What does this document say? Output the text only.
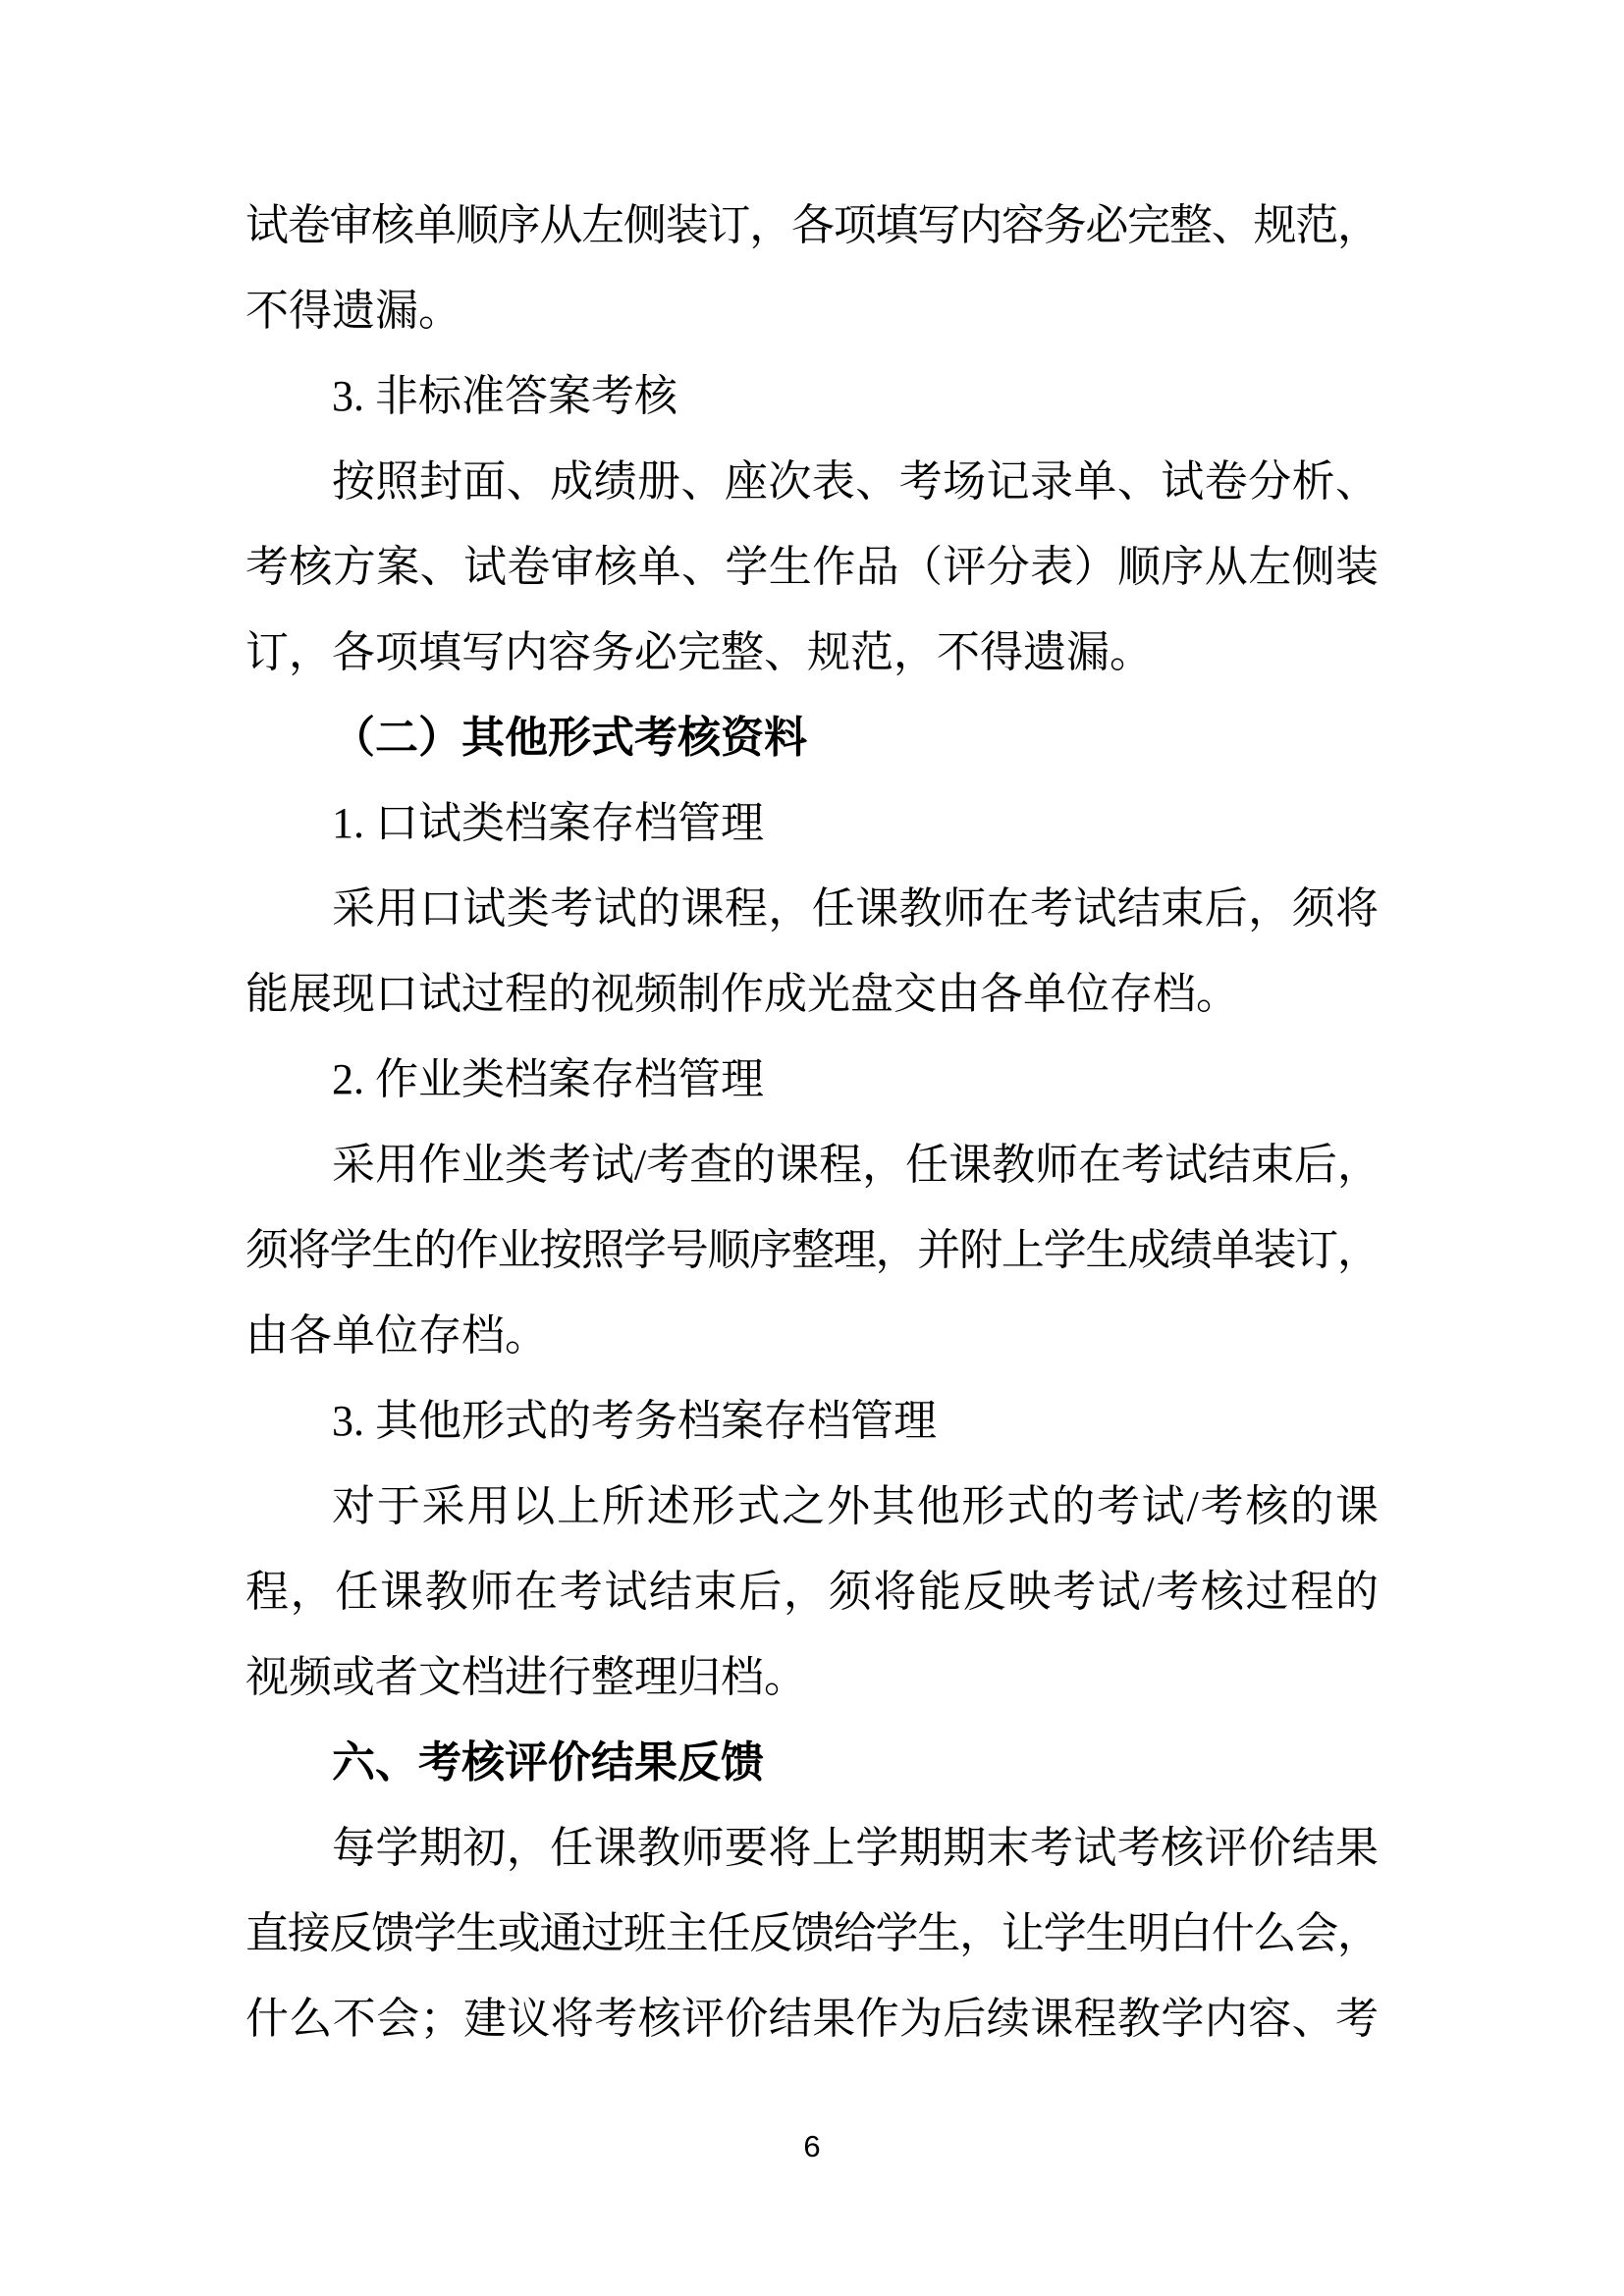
试卷审核单顺序从左侧装订，各项填写内容务必完整、规范，
不得遗漏。
3. 非标准答案考核
按照封面、成绩册、座次表、考场记录单、试卷分析、
考核方案、试卷审核单、学生作品（评分表）顺序从左侧装
订，各项填写内容务必完整、规范，不得遗漏。
（二）其他形式考核资料
1. 口试类档案存档管理
采用口试类考试的课程，任课教师在考试结束后，须将
能展现口试过程的视频制作成光盘交由各单位存档。
2. 作业类档案存档管理
采用作业类考试/考查的课程，任课教师在考试结束后，
须将学生的作业按照学号顺序整理，并附上学生成绩单装订，
由各单位存档。
3. 其他形式的考务档案存档管理
对于采用以上所述形式之外其他形式的考试/考核的课
程，任课教师在考试结束后，须将能反映考试/考核过程的
视频或者文档进行整理归档。
六、考核评价结果反馈
每学期初，任课教师要将上学期期末考试考核评价结果
直接反馈学生或通过班主任反馈给学生，让学生明白什么会，
什么不会；建议将考核评价结果作为后续课程教学内容、考
6
